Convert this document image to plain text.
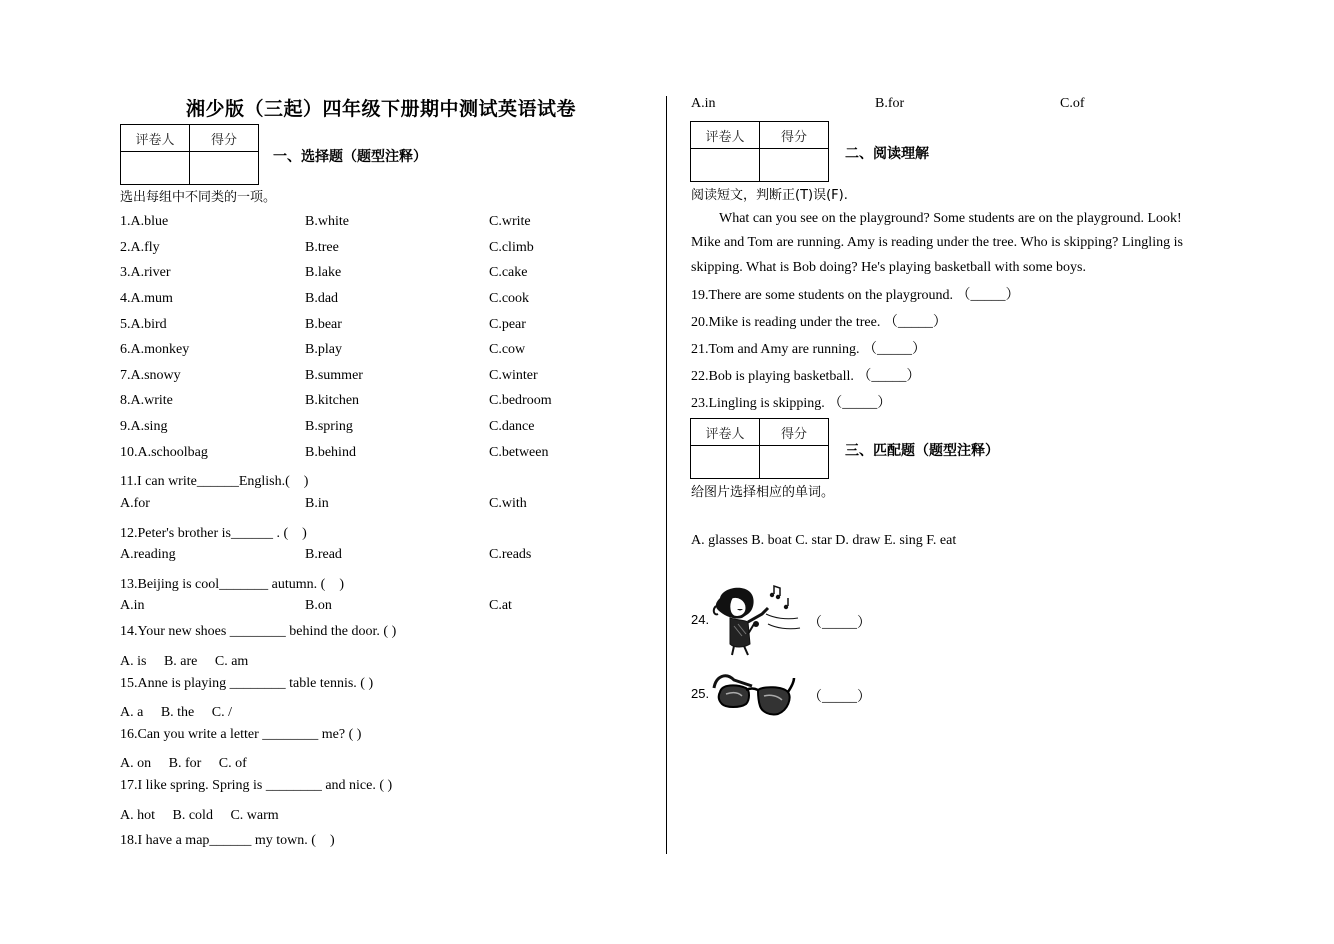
湘少版（三起）四年级下册期中测试英语试卷
评卷人	得分

一、选择题（题型注释）
选出每组中不同类的一项。
1.A.blue	B.white	C.write
2.A.fly	B.tree	C.climb
3.A.river	B.lake	C.cake
4.A.mum	B.dad	C.cook
5.A.bird	B.bear	C.pear
6.A.monkey	B.play	C.cow
7.A.snowy	B.summer	C.winter
8.A.write	B.kitchen	C.bedroom
9.A.sing	B.spring	C.dance
10.A.schoolbag	B.behind	C.between
11.I can write______English.(　)
A.for	B.in	C.with
12.Peter's brother is______ . (　)
A.reading	B.read	C.reads
13.Beijing is cool_______ autumn. (　)
A.in	B.on	C.at
14.Your new shoes ________ behind the door. ( )
A. is　 B. are　 C. am
15.Anne is playing ________ table tennis. ( )
A. a　 B. the　 C. /
16.Can you write a letter ________ me? ( )
A. on　 B. for　 C. of
17.I like spring. Spring is ________ and nice. ( )
A. hot　 B. cold　 C. warm
18.I have a map______ my town. (　)
A.in	B.for	C.of
评卷人	得分

二、阅读理解
阅读短文，判断正(T)误(F).
What can you see on the playground? Some students are on the playground. Look! Mike and Tom are running. Amy is reading under the tree. Who is skipping? Lingling is skipping. What is Bob doing? He's playing basketball with some boys.
19.There are some students on the playground. （_____）
20.Mike is reading under the tree. （_____）
21.Tom and Amy are running. （_____）
22.Bob is playing basketball. （_____）
23.Lingling is skipping. （_____）
评卷人	得分

三、匹配题（题型注释）
给图片选择相应的单词。
A. glasses B. boat C. star D. draw E. sing F. eat
24.	（_____）
25.	（_____）
